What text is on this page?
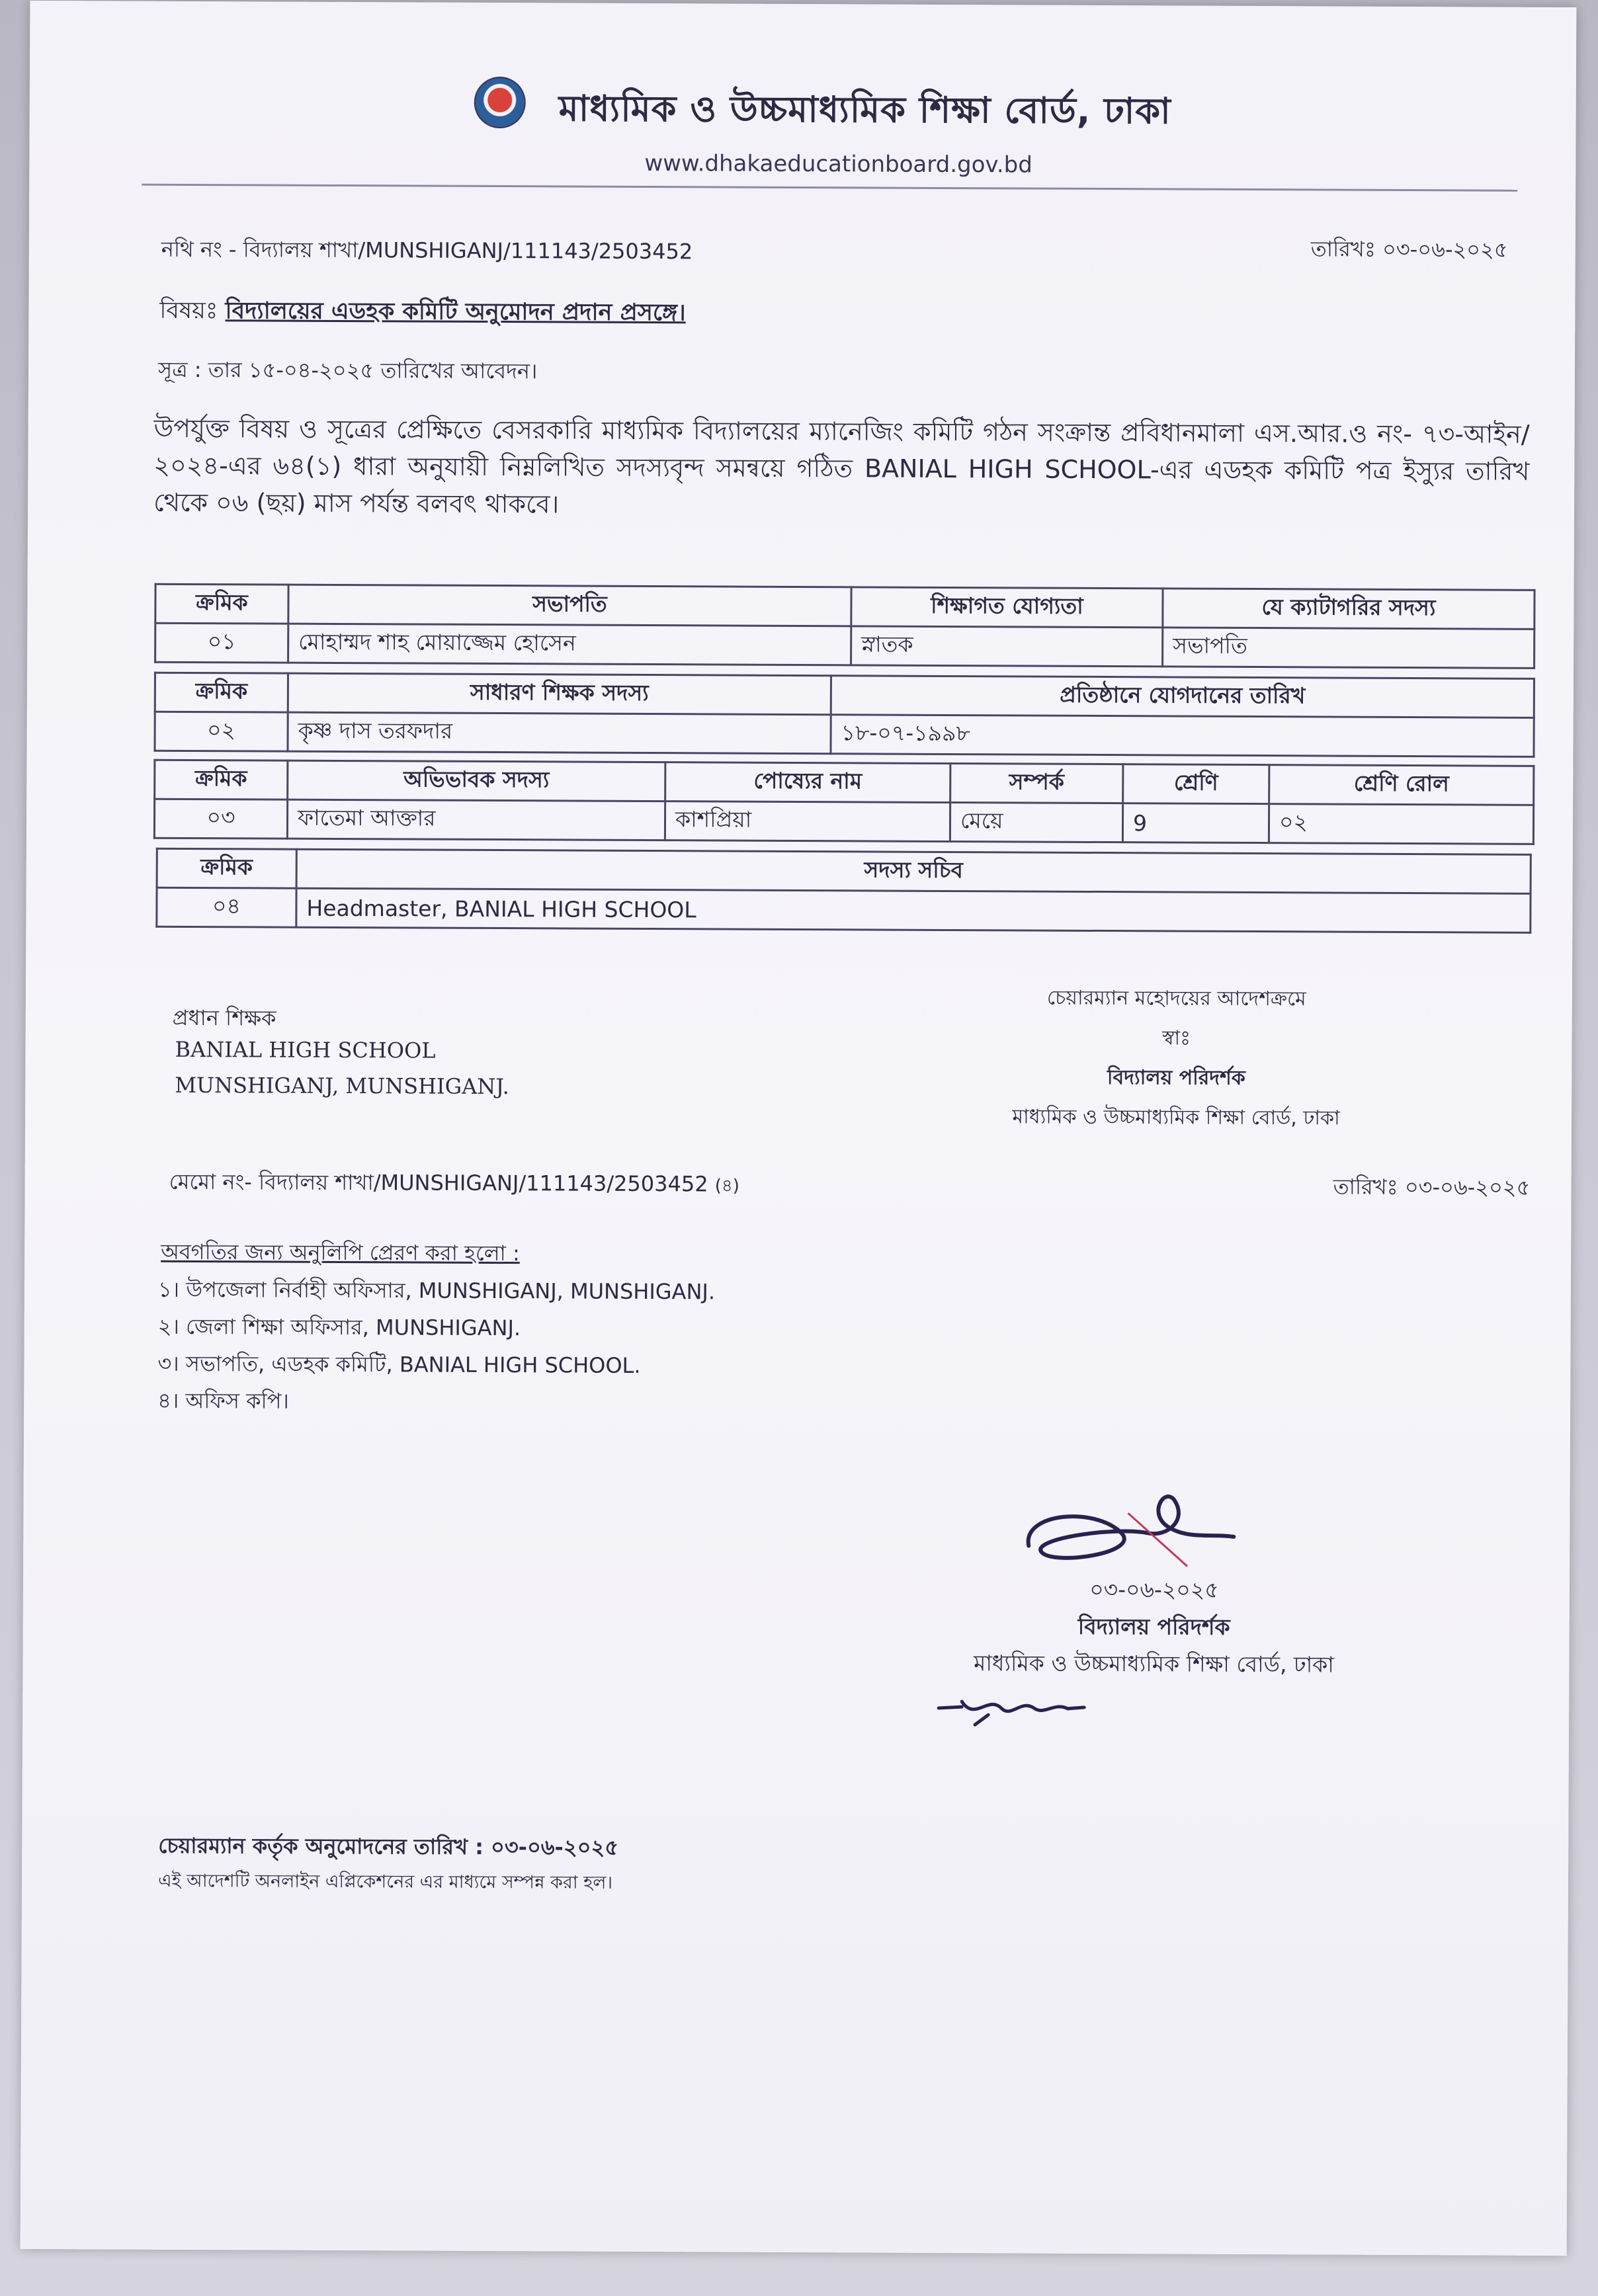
মাধ্যমিক ও উচ্চমাধ্যমিক শিক্ষা বোর্ড, ঢাকা
www.dhakaeducationboard.gov.bd
নথি নং - বিদ্যালয় শাখা/MUNSHIGANJ/111143/2503452	তারিখঃ ০৩-০৬-২০২৫
বিষয়ঃ বিদ্যালয়ের এডহক কমিটি অনুমোদন প্রদান প্রসঙ্গে।
সূত্র : তার ১৫-০৪-২০২৫ তারিখের আবেদন।
উপর্যুক্ত বিষয় ও সূত্রের প্রেক্ষিতে বেসরকারি মাধ্যমিক বিদ্যালয়ের ম্যানেজিং কমিটি গঠন সংক্রান্ত প্রবিধানমালা এস.আর.ও নং- ৭৩-আইন/২০২৪-এর ৬৪(১) ধারা অনুযায়ী নিম্নলিখিত সদস্যবৃন্দ সমন্বয়ে গঠিত BANIAL HIGH SCHOOL-এর এডহক কমিটি পত্র ইস্যুর তারিখ থেকে ০৬ (ছয়) মাস পর্যন্ত বলবৎ থাকবে।
ক্রমিক	সভাপতি	শিক্ষাগত যোগ্যতা	যে ক্যাটাগরির সদস্য
০১	মোহাম্মদ শাহ মোয়াজ্জেম হোসেন	স্নাতক	সভাপতি
ক্রমিক	সাধারণ শিক্ষক সদস্য	প্রতিষ্ঠানে যোগদানের তারিখ
০২	কৃষ্ণ দাস তরফদার	১৮-০৭-১৯৯৮
ক্রমিক	অভিভাবক সদস্য	পোষ্যের নাম	সম্পর্ক	শ্রেণি	শ্রেণি রোল
০৩	ফাতেমা আক্তার	কাশপ্রিয়া	মেয়ে	9	০২
ক্রমিক	সদস্য সচিব
০৪	Headmaster, BANIAL HIGH SCHOOL
প্রধান শিক্ষক
BANIAL HIGH SCHOOL
MUNSHIGANJ, MUNSHIGANJ.
চেয়ারম্যান মহোদয়ের আদেশক্রমে
স্বাঃ
বিদ্যালয় পরিদর্শক
মাধ্যমিক ও উচ্চমাধ্যমিক শিক্ষা বোর্ড, ঢাকা
মেমো নং- বিদ্যালয় শাখা/MUNSHIGANJ/111143/2503452 (৪)	তারিখঃ ০৩-০৬-২০২৫
অবগতির জন্য অনুলিপি প্রেরণ করা হলো :
১। উপজেলা নির্বাহী অফিসার, MUNSHIGANJ, MUNSHIGANJ.
২। জেলা শিক্ষা অফিসার, MUNSHIGANJ.
৩। সভাপতি, এডহক কমিটি, BANIAL HIGH SCHOOL.
৪। অফিস কপি।
০৩-০৬-২০২৫
বিদ্যালয় পরিদর্শক
মাধ্যমিক ও উচ্চমাধ্যমিক শিক্ষা বোর্ড, ঢাকা
চেয়ারম্যান কর্তৃক অনুমোদনের তারিখ : ০৩-০৬-২০২৫
এই আদেশটি অনলাইন এপ্লিকেশনের এর মাধ্যমে সম্পন্ন করা হল।
